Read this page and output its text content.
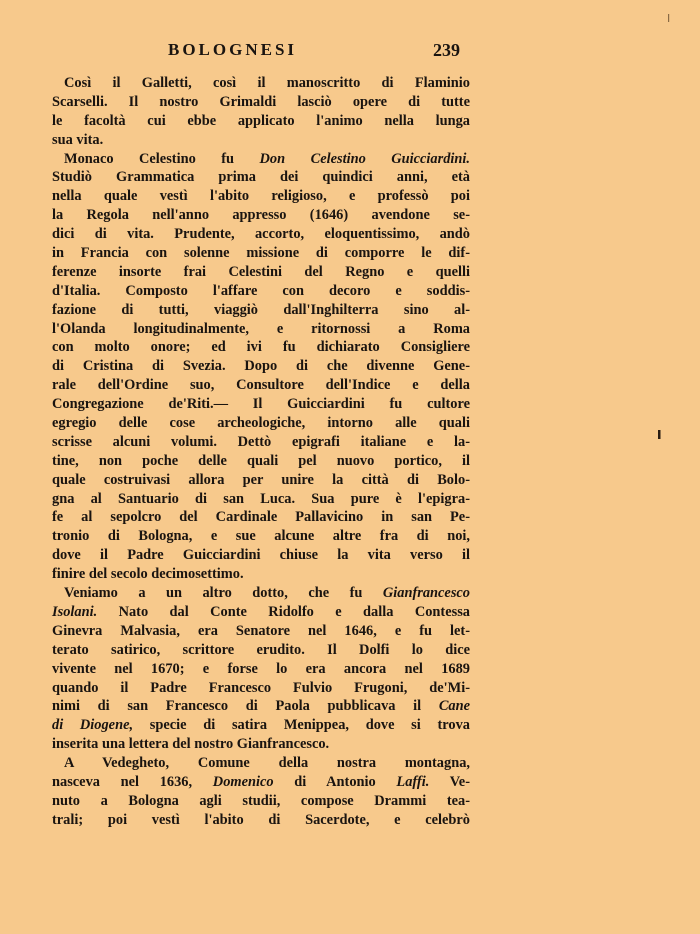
BOLOGNESI	239
Così il Galletti, così il manoscritto di Flaminio
Scarselli. Il nostro Grimaldi lasciò opere di tutte
le facoltà cui ebbe applicato l'animo nella lunga
sua vita.
Monaco Celestino fu Don Celestino Guicciardini.
Studiò Grammatica prima dei quindici anni, età
nella quale vestì l'abito religioso, e professò poi
la Regola nell'anno appresso (1646) avendone se-
dici di vita. Prudente, accorto, eloquentissimo, andò
in Francia con solenne missione di comporre le dif-
ferenze insorte frai Celestini del Regno e quelli
d'Italia. Composto l'affare con decoro e soddis-
fazione di tutti, viaggiò dall'Inghilterra sino al-
l'Olanda longitudinalmente, e ritornossi a Roma
con molto onore; ed ivi fu dichiarato Consigliere
di Cristina di Svezia. Dopo di che divenne Gene-
rale dell'Ordine suo, Consultore dell'Indice e della
Congregazione de'Riti.— Il Guicciardini fu cultore
egregio delle cose archeologiche, intorno alle quali
scrisse alcuni volumi. Dettò epigrafi italiane e la-
tine, non poche delle quali pel nuovo portico, il
quale costruivasi allora per unire la città di Bolo-
gna al Santuario di san Luca. Sua pure è l'epigra-
fe al sepolcro del Cardinale Pallavicino in san Pe-
tronio di Bologna, e sue alcune altre fra di noi,
dove il Padre Guicciardini chiuse la vita verso il
finire del secolo decimosettimo.
Veniamo a un altro dotto, che fu Gianfrancesco
Isolani. Nato dal Conte Ridolfo e dalla Contessa
Ginevra Malvasia, era Senatore nel 1646, e fu let-
terato satirico, scrittore erudito. Il Dolfi lo dice
vivente nel 1670; e forse lo era ancora nel 1689
quando il Padre Francesco Fulvio Frugoni, de'Mi-
nimi di san Francesco di Paola pubblicava il Cane
di Diogene, specie di satira Menippea, dove si trova
inserita una lettera del nostro Gianfrancesco.
A Vedegheto, Comune della nostra montagna,
nasceva nel 1636, Domenico di Antonio Laffi. Ve-
nuto a Bologna agli studii, compose Drammi tea-
trali; poi vestì l'abito di Sacerdote, e celebrò
